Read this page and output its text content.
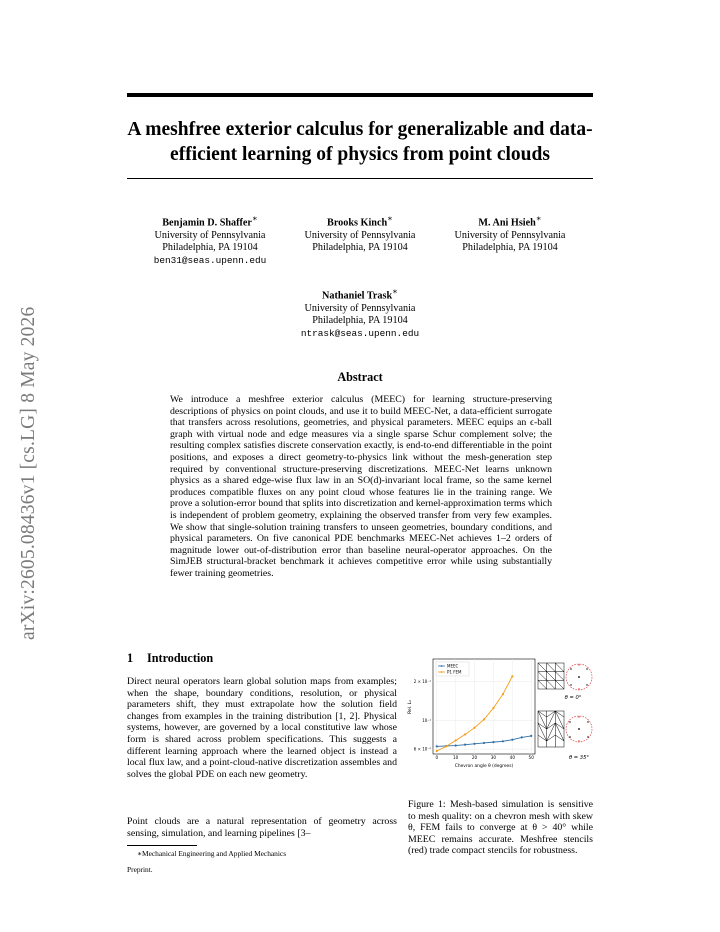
arXiv:2605.08436v1 [cs.LG] 8 May 2026
A meshfree exterior calculus for generalizable and data-efficient learning of physics from point clouds
Benjamin D. Shaffer∗
University of Pennsylvania
Philadelphia, PA 19104
ben31@seas.upenn.edu
Brooks Kinch∗
University of Pennsylvania
Philadelphia, PA 19104
M. Ani Hsieh∗
University of Pennsylvania
Philadelphia, PA 19104
Nathaniel Trask∗
University of Pennsylvania
Philadelphia, PA 19104
ntrask@seas.upenn.edu
Abstract
We introduce a meshfree exterior calculus (MEEC) for learning structure-preserving descriptions of physics on point clouds, and use it to build MEEC-Net, a data-efficient surrogate that transfers across resolutions, geometries, and physical parameters. MEEC equips an ϵ-ball graph with virtual node and edge measures via a single sparse Schur complement solve; the resulting complex satisfies discrete conservation exactly, is end-to-end differentiable in the point positions, and exposes a direct geometry-to-physics link without the mesh-generation step required by conventional structure-preserving discretizations. MEEC-Net learns unknown physics as a shared edge-wise flux law in an SO(d)-invariant local frame, so the same kernel produces compatible fluxes on any point cloud whose features lie in the training range. We prove a solution-error bound that splits into discretization and kernel-approximation terms which is independent of problem geometry, explaining the observed transfer from very few examples. We show that single-solution training transfers to unseen geometries, boundary conditions, and physical parameters. On five canonical PDE benchmarks MEEC-Net achieves 1–2 orders of magnitude lower out-of-distribution error than baseline neural-operator approaches. On the SimJEB structural-bracket benchmark it achieves competitive error while using substantially fewer training geometries.
1 Introduction
Direct neural operators learn global solution maps from examples; when the shape, boundary conditions, resolution, or physical parameters shift, they must extrapolate how the solution field changes from examples in the training distribution [1, 2]. Physical systems, however, are governed by a local constitutive law whose form is shared across problem specifications. This suggests a different learning approach where the learned object is instead a local flux law, and a point-cloud-native discretization assembles and solves the global PDE on each new geometry.
Point clouds are a natural representation of geometry across sensing, simulation, and learning pipelines [3–
0	10	20	30	40	50
6 × 10⁻²
10⁻¹
2 × 10⁻¹
Chevron angle θ (degrees)
Rel. L₂
MEEC
P1 FEM
θ = 0°
θ = 35°
Figure 1: Mesh-based simulation is sensitive to mesh quality: on a chevron mesh with skew θ, FEM fails to converge at θ > 40° while MEEC remains accurate. Meshfree stencils (red) trade compact stencils for robustness.
∗Mechanical Engineering and Applied Mechanics
Preprint.
